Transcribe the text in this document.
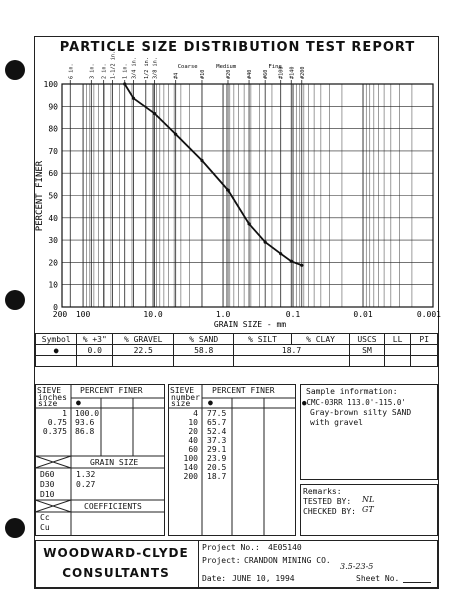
PARTICLE SIZE DISTRIBUTION TEST REPORT
6 in.	3 in. 2 in. 1-1/2 in. 1 in. 3/4 in. 1/2 in. 3/8 in.	#4	#10	#20	#40 #60 #100 #140 #200
Coarse	Medium	Fine
0
10
20
30
40
50
60
70
80
90
100
200 100	10.0	1.0	0.1	0.01	0.001
PERCENT FINER
GRAIN SIZE - mm
Symbol	% +3"	% GRAVEL	% SAND	% SILT	% CLAY	USCS	LL	PI
●	0.0	22.5	58.8	18.7		SM		

SIEVE
inches size
PERCENT FINER
●
GRAIN SIZE
COEFFICIENTS
SIEVE
number size
PERCENT FINER
●
Sample information:
●CMC-03RR 113.0'-115.0'
Gray-brown silty SAND
with gravel
Remarks:
TESTED BY: NL
CHECKED BY: GT
WOODWARD-CLYDE
CONSULTANTS
Project No.: 4E05140
Project: CRANDON MINING CO.
3.5-23-5
Date: JUNE 10, 1994	Sheet No.
1 100.0
0.75 93.6
0.375 86.8
D60	1.32
D30	0.27
D10
Cc
Cu
4 77.5
10 65.7
20 52.4
40 37.3
60 29.1
100 23.9
140 20.5
200 18.7
